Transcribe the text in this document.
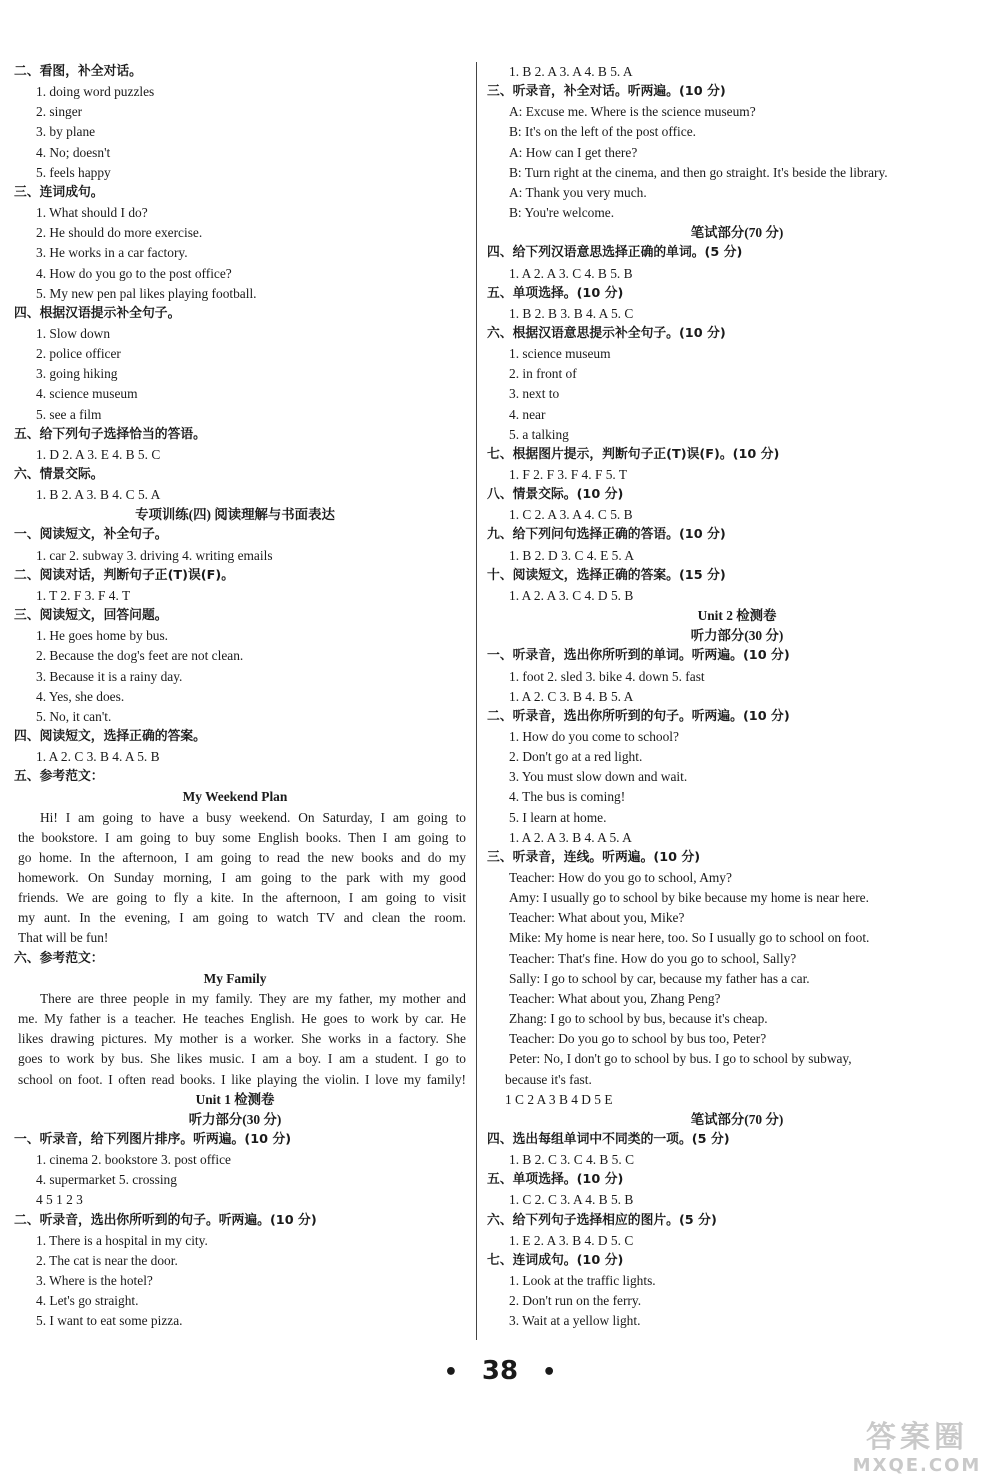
二、看图，补全对话。
1. doing word puzzles
2. singer
3. by plane
4. No; doesn't
5. feels happy
三、连词成句。
1. What should I do?
2. He should do more exercise.
3. He works in a car factory.
4. How do you go to the post office?
5. My new pen pal likes playing football.
四、根据汉语提示补全句子。
1. Slow down
2. police officer
3. going hiking
4. science museum
5. see a film
五、给下列句子选择恰当的答语。
1. D 2. A 3. E 4. B 5. C
六、情景交际。
1. B 2. A 3. B 4. C 5. A
专项训练(四) 阅读理解与书面表达
一、阅读短文，补全句子。
1. car 2. subway 3. driving 4. writing emails
二、阅读对话，判断句子正(T)误(F)。
1. T 2. F 3. F 4. T
三、阅读短文，回答问题。
1. He goes home by bus.
2. Because the dog's feet are not clean.
3. Because it is a rainy day.
4. Yes, she does.
5. No, it can't.
四、阅读短文，选择正确的答案。
1. A 2. C 3. B 4. A 5. B
五、参考范文：
My Weekend Plan
Hi! I am going to have a busy weekend. On Saturday, I am going to
the bookstore. I am going to buy some English books. Then I am going to
go home. In the afternoon, I am going to read the new books and do my
homework. On Sunday morning, I am going to the park with my good
friends. We are going to fly a kite. In the afternoon, I am going to visit
my aunt. In the evening, I am going to watch TV and clean the room.
That will be fun!
六、参考范文：
My Family
There are three people in my family. They are my father, my mother and
me. My father is a teacher. He teaches English. He goes to work by car. He
likes drawing pictures. My mother is a worker. She works in a factory. She
goes to work by bus. She likes music. I am a boy. I am a student. I go to
school on foot. I often read books. I like playing the violin. I love my family!
Unit 1 检测卷
听力部分(30 分)
一、听录音，给下列图片排序。听两遍。(10 分)
1. cinema 2. bookstore 3. post office
4. supermarket 5. crossing
4 5 1 2 3
二、听录音，选出你所听到的句子。听两遍。(10 分)
1. There is a hospital in my city.
2. The cat is near the door.
3. Where is the hotel?
4. Let's go straight.
5. I want to eat some pizza.
1. B 2. A 3. A 4. B 5. A
三、听录音，补全对话。听两遍。(10 分)
A: Excuse me. Where is the science museum?
B: It's on the left of the post office.
A: How can I get there?
B: Turn right at the cinema, and then go straight. It's beside the library.
A: Thank you very much.
B: You're welcome.
笔试部分(70 分)
四、给下列汉语意思选择正确的单词。(5 分)
1. A 2. A 3. C 4. B 5. B
五、单项选择。(10 分)
1. B 2. B 3. B 4. A 5. C
六、根据汉语意思提示补全句子。(10 分)
1. science museum
2. in front of
3. next to
4. near
5. a talking
七、根据图片提示，判断句子正(T)误(F)。(10 分)
1. F 2. F 3. F 4. F 5. T
八、情景交际。(10 分)
1. C 2. A 3. A 4. C 5. B
九、给下列问句选择正确的答语。(10 分)
1. B 2. D 3. C 4. E 5. A
十、阅读短文，选择正确的答案。(15 分)
1. A 2. A 3. C 4. D 5. B
Unit 2 检测卷
听力部分(30 分)
一、听录音，选出你所听到的单词。听两遍。(10 分)
1. foot 2. sled 3. bike 4. down 5. fast
1. A 2. C 3. B 4. B 5. A
二、听录音，选出你所听到的句子。听两遍。(10 分)
1. How do you come to school?
2. Don't go at a red light.
3. You must slow down and wait.
4. The bus is coming!
5. I learn at home.
1. A 2. A 3. B 4. A 5. A
三、听录音，连线。听两遍。(10 分)
Teacher: How do you go to school, Amy?
Amy: I usually go to school by bike because my home is near here.
Teacher: What about you, Mike?
Mike: My home is near here, too. So I usually go to school on foot.
Teacher: That's fine. How do you go to school, Sally?
Sally: I go to school by car, because my father has a car.
Teacher: What about you, Zhang Peng?
Zhang: I go to school by bus, because it's cheap.
Teacher: Do you go to school by bus too, Peter?
Peter: No, I don't go to school by bus. I go to school by subway,
because it's fast.
1 C 2 A 3 B 4 D 5 E
笔试部分(70 分)
四、选出每组单词中不同类的一项。(5 分)
1. B 2. C 3. C 4. B 5. C
五、单项选择。(10 分)
1. C 2. C 3. A 4. B 5. B
六、给下列句子选择相应的图片。(5 分)
1. E 2. A 3. B 4. D 5. C
七、连词成句。(10 分)
1. Look at the traffic lights.
2. Don't run on the ferry.
3. Wait at a yellow light.
• 38 •
答案圈
MXQE.COM
